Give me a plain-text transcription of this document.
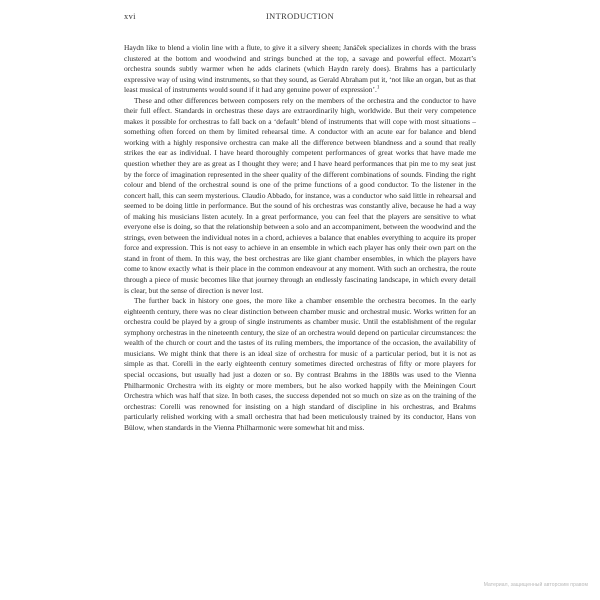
xvi	INTRODUCTION

Haydn like to blend a violin line with a flute, to give it a silvery sheen; Janáček specializes in chords with the brass clustered at the bottom and woodwind and strings bunched at the top, a savage and powerful effect. Mozart’s orchestra sounds subtly warmer when he adds clarinets (which Haydn rarely does). Brahms has a particularly expressive way of using wind instruments, so that they sound, as Gerald Abraham put it, ‘not like an organ, but as that least musical of instruments would sound if it had any genuine power of expression’.$^1$

These and other differences between composers rely on the members of the orchestra and the conductor to have their full effect. Standards in orchestras these days are extraordinarily high, worldwide. But their very competence makes it possible for orchestras to fall back on a ‘default’ blend of instruments that will cope with most situations – something often forced on them by limited rehearsal time. A conductor with an acute ear for balance and blend working with a highly responsive orchestra can make all the difference between blandness and a sound that really strikes the ear as individual. I have heard thoroughly competent performances of great works that have made me question whether they are as great as I thought they were; and I have heard performances that pin me to my seat just by the force of imagination represented in the sheer quality of the different combinations of sounds. Finding the right colour and blend of the orchestral sound is one of the prime functions of a good conductor. To the listener in the concert hall, this can seem mysterious. Claudio Abbado, for instance, was a conductor who said little in rehearsal and seemed to be doing little in performance. But the sound of his orchestras was constantly alive, because he had a way of making his musicians listen acutely. In a great performance, you can feel that the players are sensitive to what everyone else is doing, so that the relationship between a solo and an accompaniment, between the woodwind and the strings, even between the individual notes in a chord, achieves a balance that enables everything to acquire its proper force and expression. This is not easy to achieve in an ensemble in which each player has only their own part on the stand in front of them. In this way, the best orchestras are like giant chamber ensembles, in which the players have come to know exactly what is their place in the common endeavour at any moment. With such an orchestra, the route through a piece of music becomes like that journey through an endlessly fascinating landscape, in which every detail is clear, but the sense of direction is never lost.

The further back in history one goes, the more like a chamber ensemble the orchestra becomes. In the early eighteenth century, there was no clear distinction between chamber music and orchestral music. Works written for an orchestra could be played by a group of single instruments as chamber music. Until the establishment of the regular symphony orchestras in the nineteenth century, the size of an orchestra would depend on particular circumstances: the wealth of the church or court and the tastes of its ruling members, the importance of the occasion, the availability of musicians. We might think that there is an ideal size of orchestra for music of a particular period, but it is not as simple as that. Corelli in the early eighteenth century sometimes directed orchestras of fifty or more players for special occasions, but usually had just a dozen or so. By contrast Brahms in the 1880s was used to the Vienna Philharmonic Orchestra with its eighty or more members, but he also worked happily with the Meiningen Court Orchestra which was half that size. In both cases, the success depended not so much on size as on the training of the orchestras: Corelli was renowned for insisting on a high standard of discipline in his orchestras, and Brahms particularly relished working with a small orchestra that had been meticulously trained by its conductor, Hans von Bülow, when standards in the Vienna Philharmonic were somewhat hit and miss.

Материал, защищенный авторским правом
